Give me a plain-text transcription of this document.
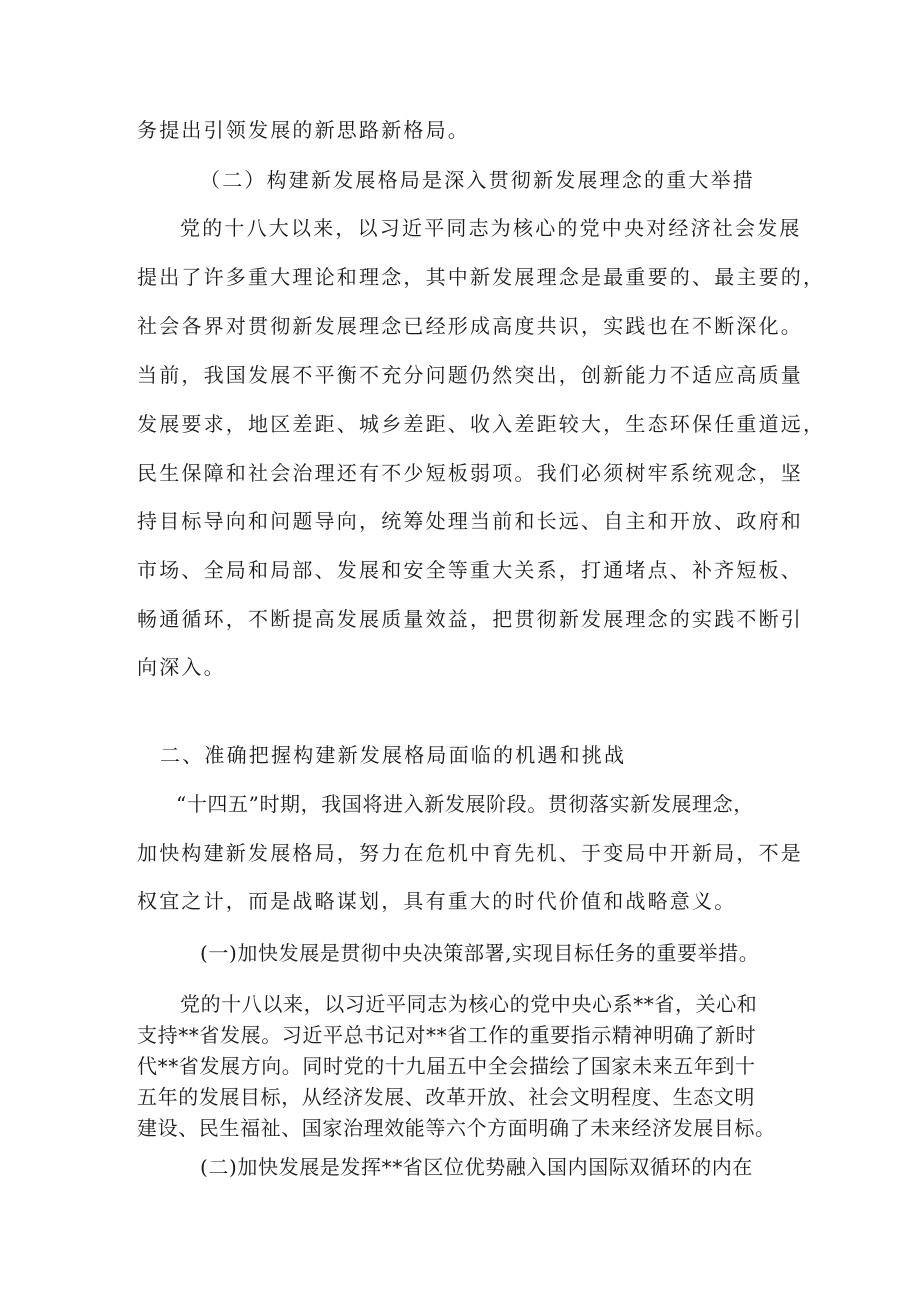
务提出引领发展的新思路新格局。
（二）构建新发展格局是深入贯彻新发展理念的重大举措
党的十八大以来，以习近平同志为核心的党中央对经济社会发展
提出了许多重大理论和理念，其中新发展理念是最重要的、最主要的，
社会各界对贯彻新发展理念已经形成高度共识，实践也在不断深化。
当前，我国发展不平衡不充分问题仍然突出，创新能力不适应高质量
发展要求，地区差距、城乡差距、收入差距较大，生态环保任重道远，
民生保障和社会治理还有不少短板弱项。我们必须树牢系统观念，坚
持目标导向和问题导向，统筹处理当前和长远、自主和开放、政府和
市场、全局和局部、发展和安全等重大关系，打通堵点、补齐短板、
畅通循环，不断提高发展质量效益，把贯彻新发展理念的实践不断引
向深入。
二、准确把握构建新发展格局面临的机遇和挑战
“十四五”时期，我国将进入新发展阶段。贯彻落实新发展理念，
加快构建新发展格局，努力在危机中育先机、于变局中开新局，不是
权宜之计，而是战略谋划，具有重大的时代价值和战略意义。
(一)加快发展是贯彻中央决策部署,实现目标任务的重要举措。
党的十八以来，以习近平同志为核心的党中央心系**省，关心和
支持**省发展。习近平总书记对**省工作的重要指示精神明确了新时
代**省发展方向。同时党的十九届五中全会描绘了国家未来五年到十
五年的发展目标，从经济发展、改革开放、社会文明程度、生态文明
建设、民生福祉、国家治理效能等六个方面明确了未来经济发展目标。
(二)加快发展是发挥**省区位优势融入国内国际双循环的内在
